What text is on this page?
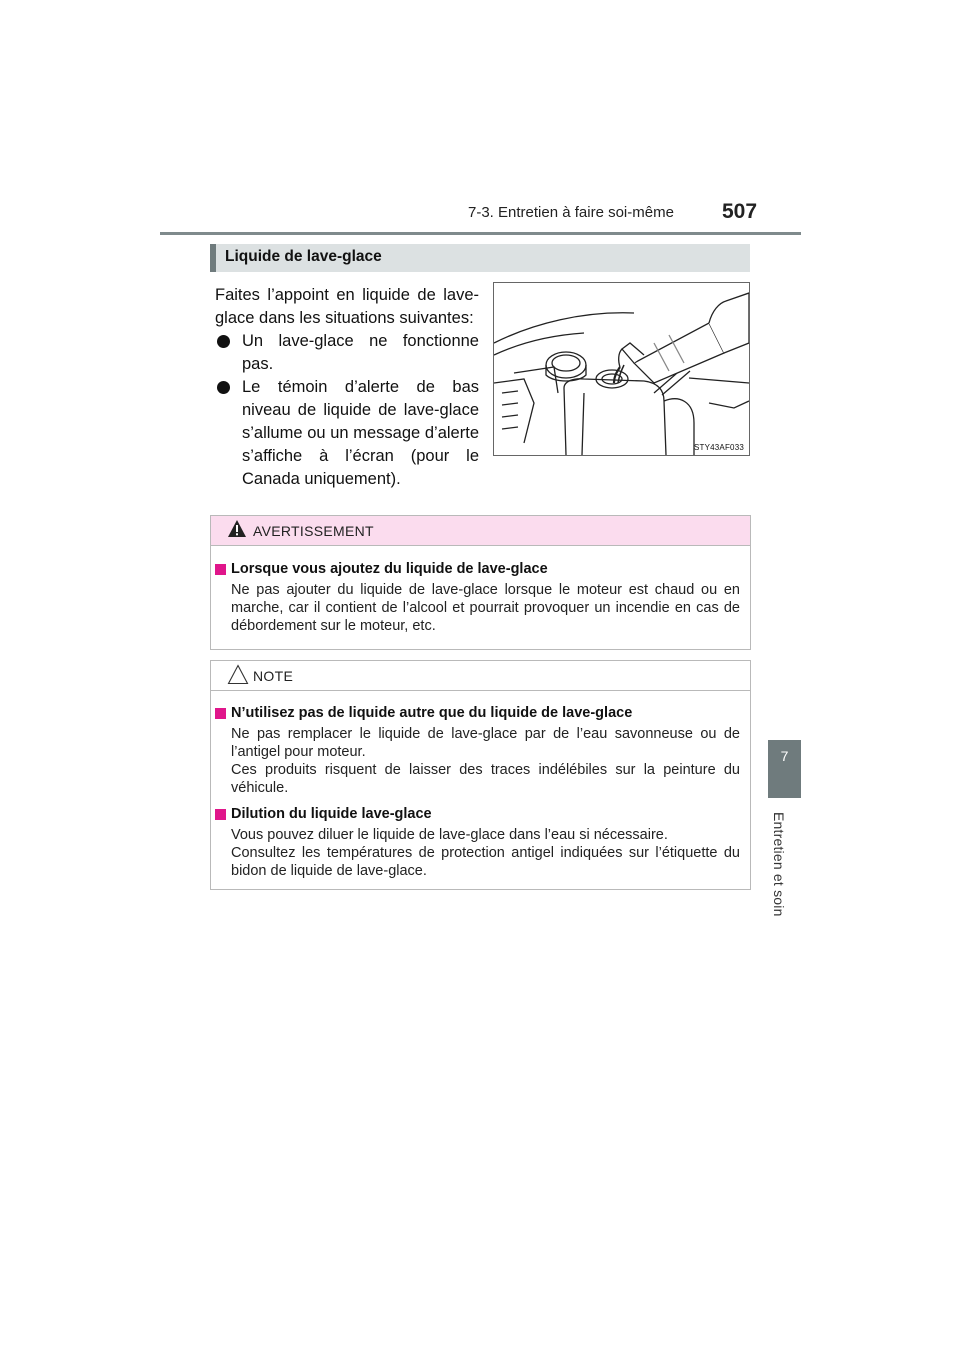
7-3. Entretien à faire soi-même 507
7
Entretien et soin
Liquide de lave-glace

Faites l’appoint en liquide de lave-glace dans les situations suivantes:

Un lave-glace ne fonctionne pas.
Le témoin d’alerte de bas niveau de liquide de lave-glace s’allume ou un message d’alerte s’affiche à l’écran (pour le Canada uniquement).
STY43AF033
AVERTISSEMENT
Lorsque vous ajoutez du liquide de lave-glace
Ne pas ajouter du liquide de lave-glace lorsque le moteur est chaud ou en marche, car il contient de l’alcool et pourrait provoquer un incendie en cas de débordement sur le moteur, etc.
NOTE
N’utilisez pas de liquide autre que du liquide de lave-glace

Ne pas remplacer le liquide de lave-glace par de l’eau savonneuse ou de l’antigel pour moteur.

Ces produits risquent de laisser des traces indélébiles sur la peinture du véhicule.

Dilution du liquide lave-glace

Vous pouvez diluer le liquide de lave-glace dans l’eau si nécessaire.

Consultez les températures de protection antigel indiquées sur l’étiquette du bidon de liquide de lave-glace.
